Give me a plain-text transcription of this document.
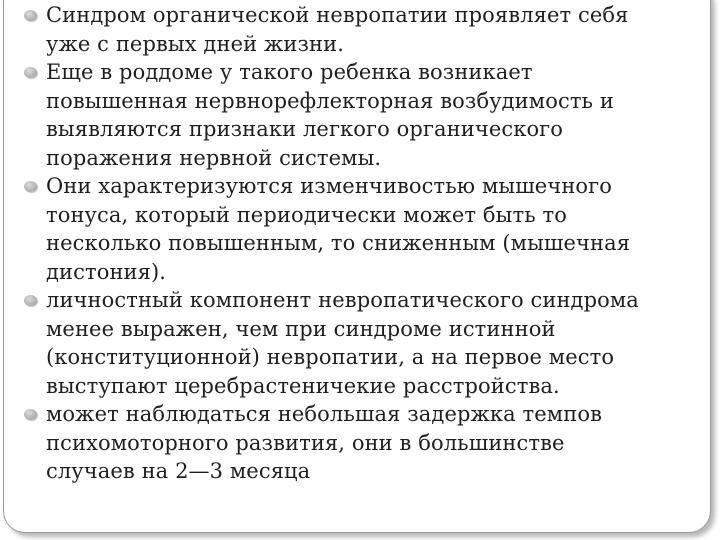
Синдром органической невропатии проявляет себя
уже с первых дней жизни.
Еще в роддоме у такого ребенка возникает
повышенная нервнорефлекторная возбудимость и
выявляются признаки легкого органического
поражения нервной системы.
Они характеризуются изменчивостью мышечного
тонуса, который периодически может быть то
несколько повышенным, то сниженным (мышечная
дистония).
личностный компонент невропатического синдрома
менее выражен, чем при синдроме истинной
(конституционной) невропатии, а на первое место
выступают церебрастеничекие расстройства.
может наблюдаться небольшая задержка темпов
психомоторного развития, они в большинстве
случаев на 2—3 месяца
